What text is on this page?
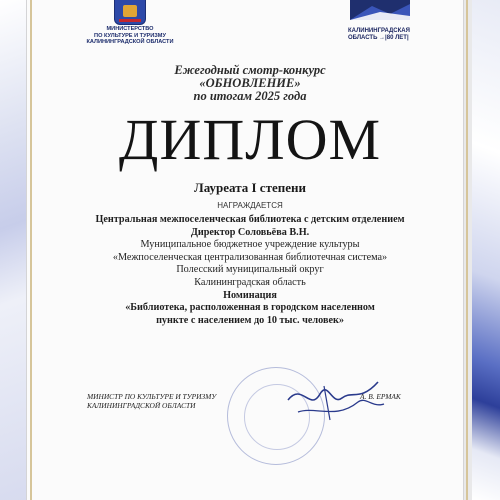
МИНИСТЕРСТВО
ПО КУЛЬТУРЕ И ТУРИЗМУ
КАЛИНИНГРАДСКОЙ ОБЛАСТИ
КАЛИНИНГРАДСКАЯ
ОБЛАСТЬ →|80 ЛЕТ|
Ежегодный смотр-конкурс
«ОБНОВЛЕНИЕ»
по итогам 2025 года
ДИПЛОМ
Лауреата I степени
НАГРАЖДАЕТСЯ
Центральная межпоселенческая библиотека с детским отделением
Директор Соловьёва В.Н.
Муниципальное бюджетное учреждение культуры
«Межпоселенческая централизованная библиотечная система»
Полесский муниципальный округ
Калининградская область
Номинация
«Библиотека, расположенная в городском населенном
пункте с населением до 10 тыс. человек»
МИНИСТР ПО КУЛЬТУРЕ И ТУРИЗМУ
КАЛИНИНГРАДСКОЙ ОБЛАСТИ
А. В. ЕРМАК
